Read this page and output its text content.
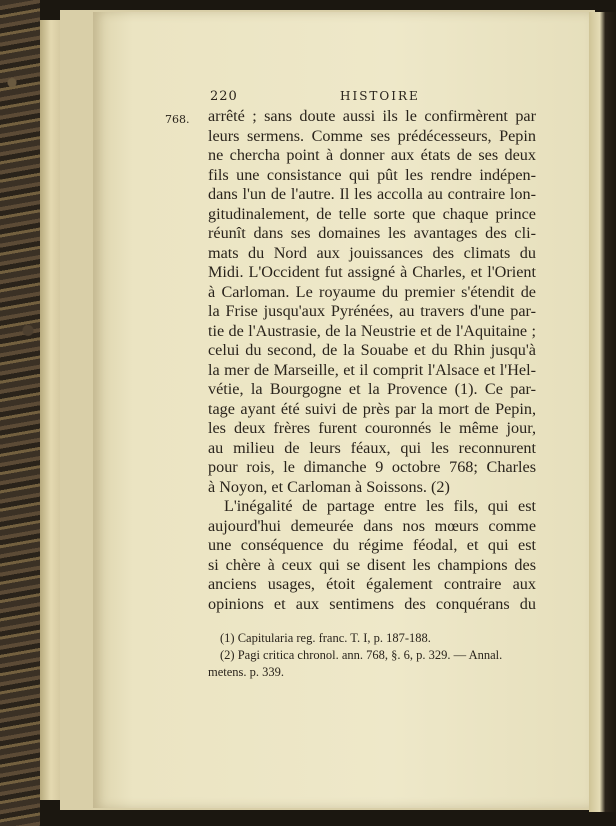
220	HISTOIRE
768. arrêté ; sans doute aussi ils le confirmèrent par
leurs sermens. Comme ses prédécesseurs, Pepin
ne chercha point à donner aux états de ses deux
fils une consistance qui pût les rendre indépen-
dans l'un de l'autre. Il les accolla au contraire lon-
gitudinalement, de telle sorte que chaque prince
réunît dans ses domaines les avantages des cli-
mats du Nord aux jouissances des climats du
Midi. L'Occident fut assigné à Charles, et l'Orient
à Carloman. Le royaume du premier s'étendit de
la Frise jusqu'aux Pyrénées, au travers d'une par-
tie de l'Austrasie, de la Neustrie et de l'Aquitaine ;
celui du second, de la Souabe et du Rhin jusqu'à
la mer de Marseille, et il comprit l'Alsace et l'Hel-
vétie, la Bourgogne et la Provence (1). Ce par-
tage ayant été suivi de près par la mort de Pepin,
les deux frères furent couronnés le même jour,
au milieu de leurs féaux, qui les reconnurent
pour rois, le dimanche 9 octobre 768; Charles
à Noyon, et Carloman à Soissons. (2)
L'inégalité de partage entre les fils, qui est
aujourd'hui demeurée dans nos mœurs comme
une conséquence du régime féodal, et qui est
si chère à ceux qui se disent les champions des
anciens usages, étoit également contraire aux
opinions et aux sentimens des conquérans du
(1) Capitularia reg. franc. T. I, p. 187-188.
(2) Pagi critica chronol. ann. 768, §. 6, p. 329. — Annal.
metens. p. 339.
